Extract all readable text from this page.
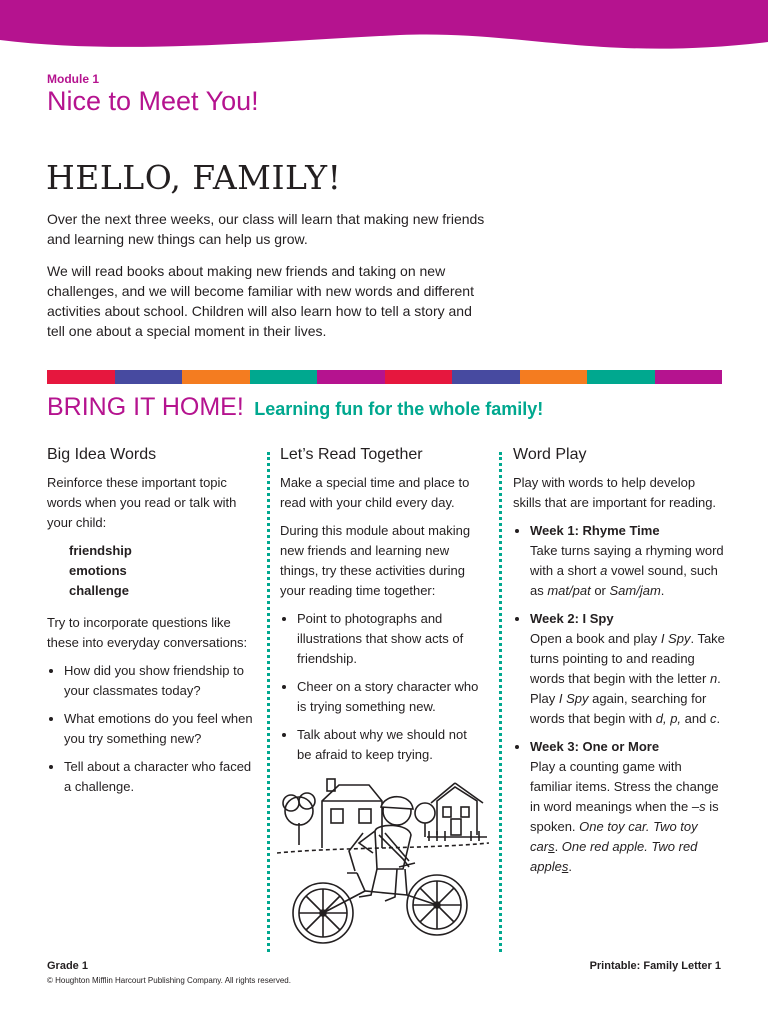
Module 1
Nice to Meet You!
HELLO, FAMILY!

Over the next three weeks, our class will learn that making new friends and learning new things can help us grow.

We will read books about making new friends and taking on new challenges, and we will become familiar with new words and different activities about school. Children will also learn how to tell a story and tell one about a special moment in their lives.

BRING IT HOME! Learning fun for the whole family!
Big Idea Words

Reinforce these important topic words when you read or talk with your child:

friendship
emotions
challenge

Try to incorporate questions like these into everyday conversations:

• How did you show friendship to your classmates today?
• What emotions do you feel when you try something new?
• Tell about a character who faced a challenge.
Let’s Read Together

Make a special time and place to read with your child every day.

During this module about making new friends and learning new things, try these activities during your reading time together:

• Point to photographs and illustrations that show acts of friendship.
• Cheer on a story character who is trying something new.
• Talk about why we should not be afraid to keep trying.
Word Play

Play with words to help develop skills that are important for reading.

• Week 1: Rhyme Time
Take turns saying a rhyming word with a short a vowel sound, such as mat/pat or Sam/jam.
• Week 2: I Spy
Open a book and play I Spy. Take turns pointing to and reading words that begin with the letter n. Play I Spy again, searching for words that begin with d, p, and c.
• Week 3: One or More
Play a counting game with familiar items. Stress the change in word meanings when the –s is spoken. One toy car. Two toy cars. One red apple. Two red apples.
Grade 1
© Houghton Mifflin Harcourt Publishing Company. All rights reserved.
Printable: Family Letter 1
